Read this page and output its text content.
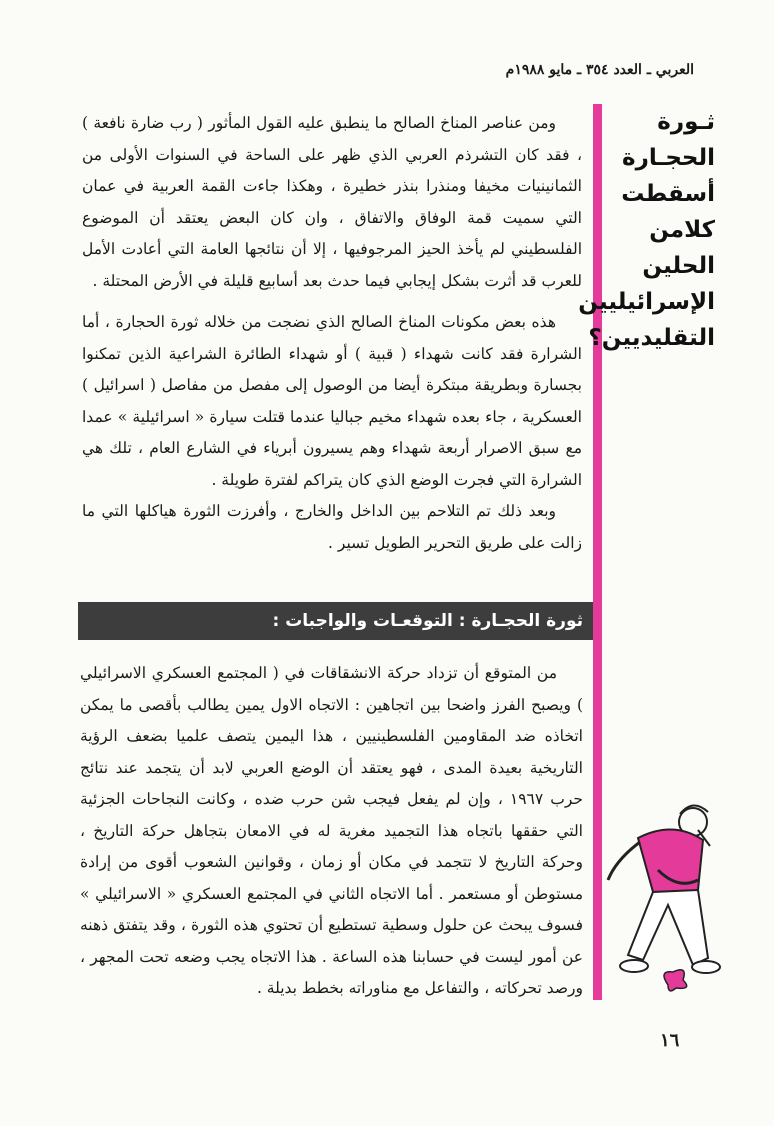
العربي ـ العدد ٣٥٤ ـ مايو ١٩٨٨م
ثـورة
الحجـارة
أسقطت
كلامن
الحلين
الإسرائيليين
التقليديين؟

ومن عناصر المناخ الصالح ما ينطبق عليه القول المأثور ( رب ضارة نافعة ) ، فقد كان التشرذم العربي الذي ظهر على الساحة في السنوات الأولى من الثمانينيات مخيفا ومنذرا بنذر خطيرة ، وهكذا جاءت القمة العربية في عمان التي سميت قمة الوفاق والاتفاق ، وان كان البعض يعتقد أن الموضوع الفلسطيني لم يأخذ الحيز المرجوفيها ، إلا أن نتائجها العامة التي أعادت الأمل للعرب قد أثرت بشكل إيجابي فيما حدث بعد أسابيع قليلة في الأرض المحتلة .

هذه بعض مكونات المناخ الصالح الذي نضجت من خلاله ثورة الحجارة ، أما الشرارة فقد كانت شهداء ( قبية ) أو شهداء الطائرة الشراعية الذين تمكنوا بجسارة وبطريقة مبتكرة أيضا من الوصول إلى مفصل من مفاصل ( اسرائيل ) العسكرية ، جاء بعده شهداء مخيم جباليا عندما قتلت سيارة « اسرائيلية » عمدا مع سبق الاصرار أربعة شهداء وهم يسيرون أبرياء في الشارع العام ، تلك هي الشرارة التي فجرت الوضع الذي كان يتراكم لفترة طويلة .

وبعد ذلك تم التلاحم بين الداخل والخارج ، وأفرزت الثورة هياكلها التي ما زالت على طريق التحرير الطويل تسير .

ثورة الحجـارة : التوقعـات والواجبات :

من المتوقع أن تزداد حركة الانشقاقات في ( المجتمع العسكري الاسرائيلي ) ويصبح الفرز واضحا بين اتجاهين : الاتجاه الاول يمين يطالب بأقصى ما يمكن اتخاذه ضد المقاومين الفلسطينيين ، هذا اليمين يتصف علميا بضعف الرؤية التاريخية بعيدة المدى ، فهو يعتقد أن الوضع العربي لابد أن يتجمد عند نتائج حرب ١٩٦٧ ، وإن لم يفعل فيجب شن حرب ضده ، وكانت النجاحات الجزئية التي حققها باتجاه هذا التجميد مغرية له في الامعان بتجاهل حركة التاريخ ، وحركة التاريخ لا تتجمد في مكان أو زمان ، وقوانين الشعوب أقوى من إرادة مستوطن أو مستعمر . أما الاتجاه الثاني في المجتمع العسكري « الاسرائيلي » فسوف يبحث عن حلول وسطية تستطيع أن تحتوي هذه الثورة ، وقد يتفتق ذهنه عن أمور ليست في حسابنا هذه الساعة . هذا الاتجاه يجب وضعه تحت المجهر ، ورصد تحركاته ، والتفاعل مع مناوراته بخطط بديلة .

١٦
